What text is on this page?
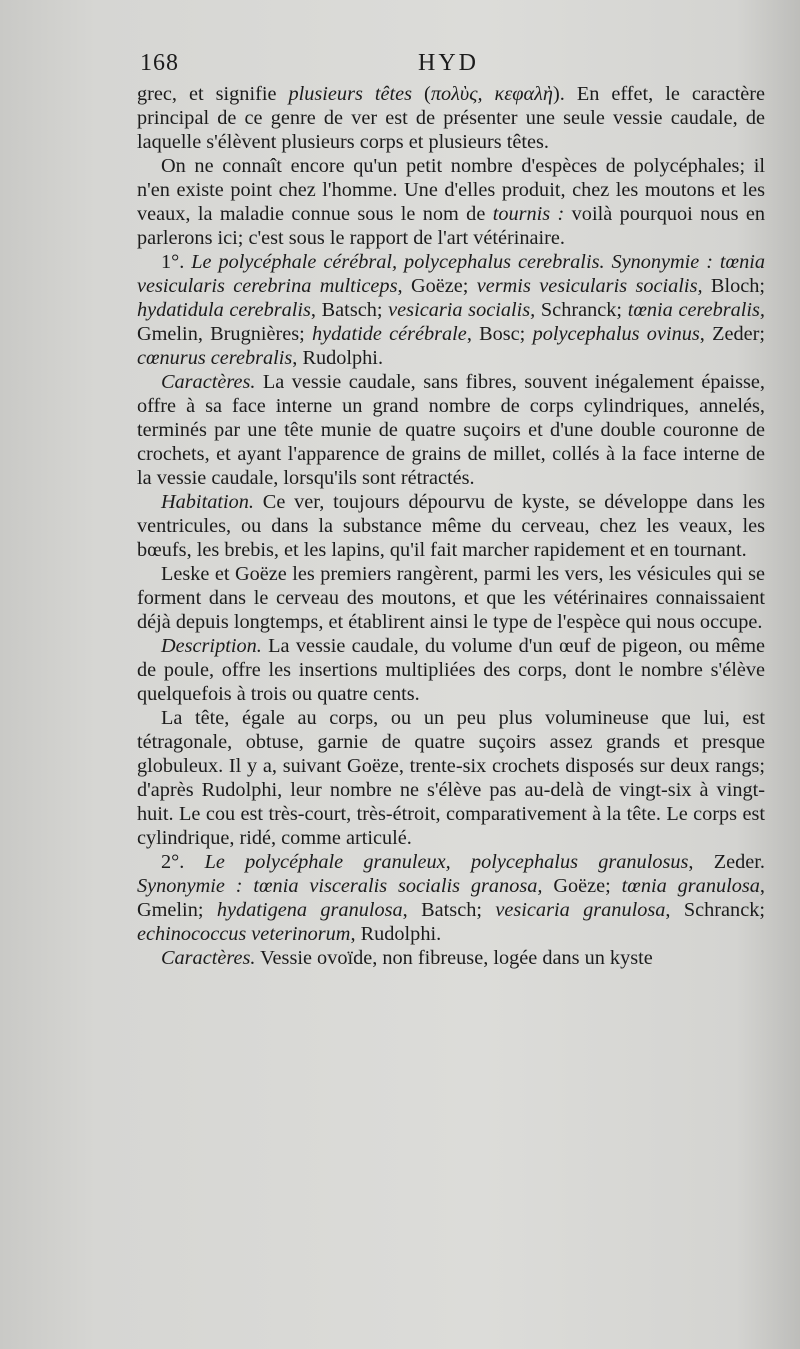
168	HYD

grec, et signifie plusieurs têtes (πολὺς, κεφαλὴ). En effet, le caractère principal de ce genre de ver est de présenter une seule vessie caudale, de laquelle s'élèvent plusieurs corps et plusieurs têtes.

On ne connaît encore qu'un petit nombre d'espèces de polycéphales; il n'en existe point chez l'homme. Une d'elles produit, chez les moutons et les veaux, la maladie connue sous le nom de tournis : voilà pourquoi nous en parlerons ici; c'est sous le rapport de l'art vétérinaire.

1°. Le polycéphale cérébral, polycephalus cerebralis. Synonymie : tœnia vesicularis cerebrina multiceps, Goëze; vermis vesicularis socialis, Bloch; hydatidula cerebralis, Batsch; vesicaria socialis, Schranck; tœnia cerebralis, Gmelin, Brugnières; hydatide cérébrale, Bosc; polycephalus ovinus, Zeder; cœnurus cerebralis, Rudolphi.

Caractères. La vessie caudale, sans fibres, souvent inégalement épaisse, offre à sa face interne un grand nombre de corps cylindriques, annelés, terminés par une tête munie de quatre suçoirs et d'une double couronne de crochets, et ayant l'apparence de grains de millet, collés à la face interne de la vessie caudale, lorsqu'ils sont rétractés.

Habitation. Ce ver, toujours dépourvu de kyste, se développe dans les ventricules, ou dans la substance même du cerveau, chez les veaux, les bœufs, les brebis, et les lapins, qu'il fait marcher rapidement et en tournant.

Leske et Goëze les premiers rangèrent, parmi les vers, les vésicules qui se forment dans le cerveau des moutons, et que les vétérinaires connaissaient déjà depuis longtemps, et établirent ainsi le type de l'espèce qui nous occupe.

Description. La vessie caudale, du volume d'un œuf de pigeon, ou même de poule, offre les insertions multipliées des corps, dont le nombre s'élève quelquefois à trois ou quatre cents.

La tête, égale au corps, ou un peu plus volumineuse que lui, est tétragonale, obtuse, garnie de quatre suçoirs assez grands et presque globuleux. Il y a, suivant Goëze, trente-six crochets disposés sur deux rangs; d'après Rudolphi, leur nombre ne s'élève pas au-delà de vingt-six à vingt-huit. Le cou est très-court, très-étroit, comparativement à la tête. Le corps est cylindrique, ridé, comme articulé.

2°. Le polycéphale granuleux, polycephalus granulosus, Zeder. Synonymie : tœnia visceralis socialis granosa, Goëze; tœnia granulosa, Gmelin; hydatigena granulosa, Batsch; vesicaria granulosa, Schranck; echinococcus veterinorum, Rudolphi.

Caractères. Vessie ovoïde, non fibreuse, logée dans un kyste
